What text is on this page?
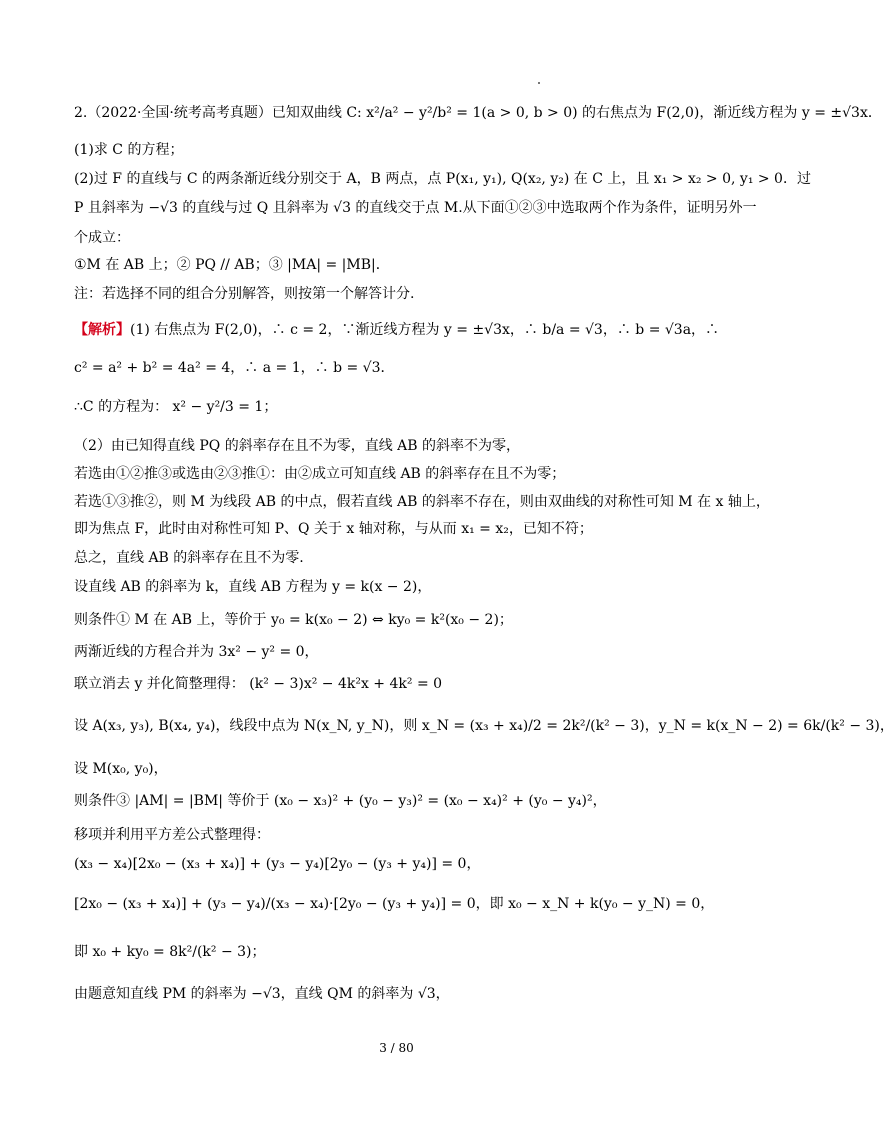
2.（2022·全国·统考高考真题）已知双曲线 C: x²/a² − y²/b² = 1(a > 0, b > 0) 的右焦点为 F(2,0)，渐近线方程为 y = ±√3x．
(1)求 C 的方程；
(2)过 F 的直线与 C 的两条渐近线分别交于 A，B 两点，点 P(x₁, y₁), Q(x₂, y₂) 在 C 上，且 x₁ > x₂ > 0, y₁ > 0．过
P 且斜率为 −√3 的直线与过 Q 且斜率为 √3 的直线交于点 M.从下面①②③中选取两个作为条件，证明另外一
个成立：
①M 在 AB 上；② PQ // AB；③ |MA| = |MB|．
注：若选择不同的组合分别解答，则按第一个解答计分.
【解析】(1) 右焦点为 F(2,0)，∴ c = 2，∵渐近线方程为 y = ±√3x，∴ b/a = √3，∴ b = √3a，∴
c² = a² + b² = 4a² = 4，∴ a = 1，∴ b = √3．
∴C 的方程为： x² − y²/3 = 1；
（2）由已知得直线 PQ 的斜率存在且不为零，直线 AB 的斜率不为零，
若选由①②推③或选由②③推①：由②成立可知直线 AB 的斜率存在且不为零；
若选①③推②，则 M 为线段 AB 的中点，假若直线 AB 的斜率不存在，则由双曲线的对称性可知 M 在 x 轴上，
即为焦点 F，此时由对称性可知 P、Q 关于 x 轴对称，与从而 x₁ = x₂，已知不符；
总之，直线 AB 的斜率存在且不为零.
设直线 AB 的斜率为 k，直线 AB 方程为 y = k(x − 2)，
则条件① M 在 AB 上，等价于 y₀ = k(x₀ − 2) ⇔ ky₀ = k²(x₀ − 2)；
两渐近线的方程合并为 3x² − y² = 0，
联立消去 y 并化简整理得： (k² − 3)x² − 4k²x + 4k² = 0
设 A(x₃, y₃), B(x₄, y₄)，线段中点为 N(x_N, y_N)，则 x_N = (x₃ + x₄)/2 = 2k²/(k² − 3)，y_N = k(x_N − 2) = 6k/(k² − 3)，
设 M(x₀, y₀)，
则条件③ |AM| = |BM| 等价于 (x₀ − x₃)² + (y₀ − y₃)² = (x₀ − x₄)² + (y₀ − y₄)²，
移项并利用平方差公式整理得：
(x₃ − x₄)[2x₀ − (x₃ + x₄)] + (y₃ − y₄)[2y₀ − (y₃ + y₄)] = 0，
[2x₀ − (x₃ + x₄)] + (y₃ − y₄)/(x₃ − x₄)·[2y₀ − (y₃ + y₄)] = 0，即 x₀ − x_N + k(y₀ − y_N) = 0，
即 x₀ + ky₀ = 8k²/(k² − 3)；
由题意知直线 PM 的斜率为 −√3，直线 QM 的斜率为 √3，
3 / 80
